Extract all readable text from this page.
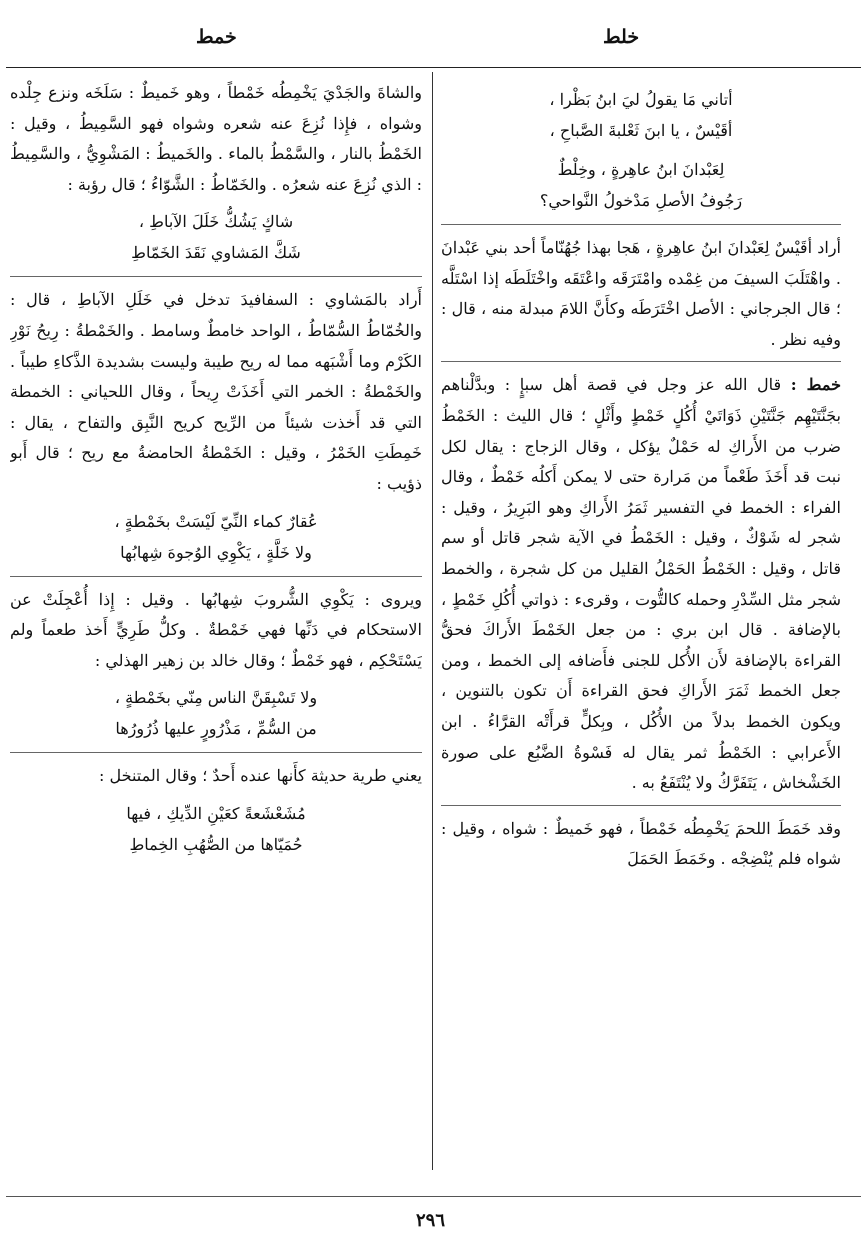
خمط	خلط
أتاني مَا يقولُ ليَ ابنُ بَظْرا ،
أقَيْسٌ ، يا ابنَ ثَعْلبةَ الصَّباحِ ،
لِعَبْدانَ ابنُ عاهِرةٍ ، وخِلْطٌ
رَجُوفُ الأصلِ مَدْخولُ النَّواحي؟

أراد أقَيْسٌ لِعَبْدانَ ابنُ عاهِرةٍ ، هَجا بهذا جُهُنّاماً أحد بني عَبْدانَ . واهْتَلَبَ السيفَ من غِمْده وامْتَرَقَه واعْتَقَه واخْتَلَطَه إذا اسْتَلَّه ؛ قال الجرجاني : الأصل اخْتَرَطَه وكأَنَّ اللامَ مبدلة منه ، قال : وفيه نظر .

خمط : قال الله عز وجل في قصة أهل سبإٍ : وبدَّلْناهم بجَنَّتَيْهِم جَنَّتَيْنِ ذَوَاتَيْ أُكُلٍ خَمْطٍ وأَثْلٍ ؛ قال الليث : الخَمْطُ ضرب من الأَراكِ له حَمْلٌ يؤكل ، وقال الزجاج : يقال لكل نبت قد أَخَذَ طَعْماً من مَرارة حتى لا يمكن أَكلُه خَمْطٌ ، وقال الفراء : الخمط في التفسير ثَمَرُ الأَراكِ وهو البَرِيرُ ، وقيل : شجر له شَوْكٌ ، وقيل : الخَمْطُ في الآية شجر قاتل أو سم قاتل ، وقيل : الخَمْطُ الحَمْلُ القليل من كل شجرة ، والخمط شجر مثل السِّدْرِ وحمله كالتُّوت ، وقرىء : ذواتي أُكُلِ خَمْطٍ ، بالإضافة . قال ابن بري : من جعل الخَمْطَ الأَراكَ فحقُّ القراءة بالإضافة لأَن الأُكل للجنى فأَضافه إلى الخمط ، ومن جعل الخمط ثَمَرَ الأَراكِ فحق القراءة أَن تكون بالتنوين ، ويكون الخمط بدلاً من الأُكُل ، وبِكلٍّ قرأَتْه القرَّاءُ . ابن الأَعرابي : الخَمْطُ ثمر يقال له فَسْوةُ الضَّبُع على صورة الخَشْخاش ، يَتَفَرَّكُ ولا يُنْتَفَعُ به .

وقد خَمَطَ اللحمَ يَخْمِطُه خَمْطاً ، فهو خَميطٌ : شواه ، وقيل : شواه فلم يُنْضِجْه . وخَمَطَ الحَمَلَ

والشاةَ والجَدْيَ يَخْمِطُه خَمْطاً ، وهو خَميطٌ : سَلَخَه ونزع جِلْده وشواه ، فإِذا نُزِعَ عنه شعره وشواه فهو السَّمِيطُ ، وقيل : الخَمْطُ بالنار ، والسَّمْطُ بالماء . والخَميطُ : المَشْوِيُّ ، والسَّمِيطُ : الذي نُزِعَ عنه شعرُه . والخَمّاطُ : الشَّوّاءُ ؛ قال رؤبة :

شاكٍ يَشُكُّ خَلَلَ الآباطِ ،
شَكَّ المَشاوي نَقَدَ الخَمّاطِ

أَراد بالمَشاوي : السفافيدَ تدخل في خَلَلِ الآباطِ ، قال : والخُمّاطُ السُّمّاطُ ، الواحد خامطٌ وسامط . والخَمْطةُ : رِيحُ نَوْرِ الكَرْم وما أَشْبَهه مما له ريح طيبة وليست بشديدة الذَّكاءِ طيباً . والخَمْطةُ : الخمر التي أَخَذَتْ رِيحاً ، وقال اللحياني : الخمطة التي قد أَخذت شيئاً من الرِّيح كريح النَّبِق والتفاح ، يقال : خَمِطَتِ الخَمْرُ ، وقيل : الخَمْطةُ الحامضةُ مع ريح ؛ قال أَبو ذؤيب :

عُقارٌ كماء النِّيّ لَيْسَتْ بخَمْطةٍ ،
ولا خَلَّةٍ ، يَكْوِي الوُجوهَ شِهابُها

ويروى : يَكْوِي الشُّروبَ شِهابُها . وقيل : إِذا أُعْجِلَتْ عن الاستحكام في دَنِّها فهي خَمْطةٌ . وكلُّ طَرِيٍّ أَخذ طعماً ولم يَسْتَحْكِم ، فهو خَمْطٌ ؛ وقال خالد بن زهير الهذلي :

ولا تَسْبِقَنَّ الناس مِنّي بخَمْطةٍ ،
من السُّمِّ ، مَذْرُورٍ عليها ذُرُورُها

يعني طرية حديثة كأَنها عنده أَحدٌ ؛ وقال المتنخل :

مُشَعْشَعةً كعَيْنِ الدِّيكِ ، فيها
حُمَيّاها من الصُّهُبِ الخِماطِ
٢٩٦
